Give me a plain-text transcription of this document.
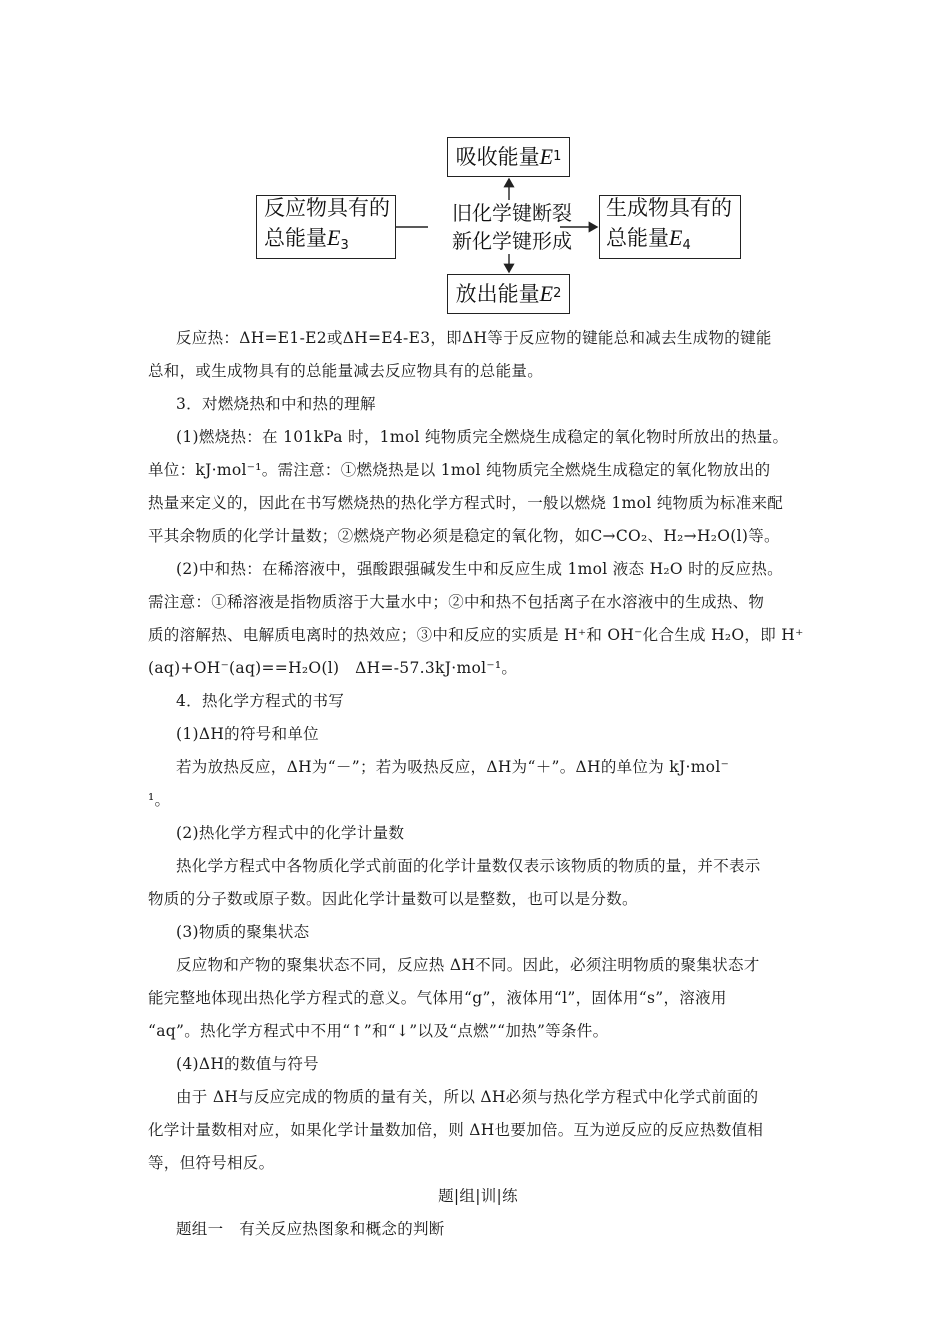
吸收能量 E 1
反应物具有的
总能量$E_3$
旧化学键断裂
新化学键形成
生成物具有的
总能量$E_4$
放出能量 E 2

反应热：ΔH=E1-E2或ΔH=E4-E3，即ΔH等于反应物的键能总和减去生成物的键能

总和，或生成物具有的总能量减去反应物具有的总能量。

3．对燃烧热和中和热的理解

(1)燃烧热：在 101kPa 时，1mol 纯物质完全燃烧生成稳定的氧化物时所放出的热量。

单位：kJ·mol⁻¹。需注意：①燃烧热是以 1mol 纯物质完全燃烧生成稳定的氧化物放出的

热量来定义的，因此在书写燃烧热的热化学方程式时，一般以燃烧 1mol 纯物质为标准来配

平其余物质的化学计量数；②燃烧产物必须是稳定的氧化物，如C→CO₂、H₂→H₂O(l)等。

(2)中和热：在稀溶液中，强酸跟强碱发生中和反应生成 1mol 液态 H₂O 时的反应热。

需注意：①稀溶液是指物质溶于大量水中；②中和热不包括离子在水溶液中的生成热、物

质的溶解热、电解质电离时的热效应；③中和反应的实质是 H⁺和 OH⁻化合生成 H₂O，即 H⁺

(aq)+OH⁻(aq)==H₂O(l)　ΔH=-57.3kJ·mol⁻¹。

4．热化学方程式的书写

(1)ΔH的符号和单位

若为放热反应，ΔH为“－”；若为吸热反应，ΔH为“＋”。ΔH的单位为 kJ·mol⁻

¹。

(2)热化学方程式中的化学计量数

热化学方程式中各物质化学式前面的化学计量数仅表示该物质的物质的量，并不表示

物质的分子数或原子数。因此化学计量数可以是整数，也可以是分数。

(3)物质的聚集状态

反应物和产物的聚集状态不同，反应热 ΔH不同。因此，必须注明物质的聚集状态才

能完整地体现出热化学方程式的意义。气体用“g”，液体用“l”，固体用“s”，溶液用

“aq”。热化学方程式中不用“↑”和“↓”以及“点燃”“加热”等条件。

(4)ΔH的数值与符号

由于 ΔH与反应完成的物质的量有关，所以 ΔH必须与热化学方程式中化学式前面的

化学计量数相对应，如果化学计量数加倍，则 ΔH也要加倍。互为逆反应的反应热数值相

等，但符号相反。

题|组|训|练

题组一　有关反应热图象和概念的判断
